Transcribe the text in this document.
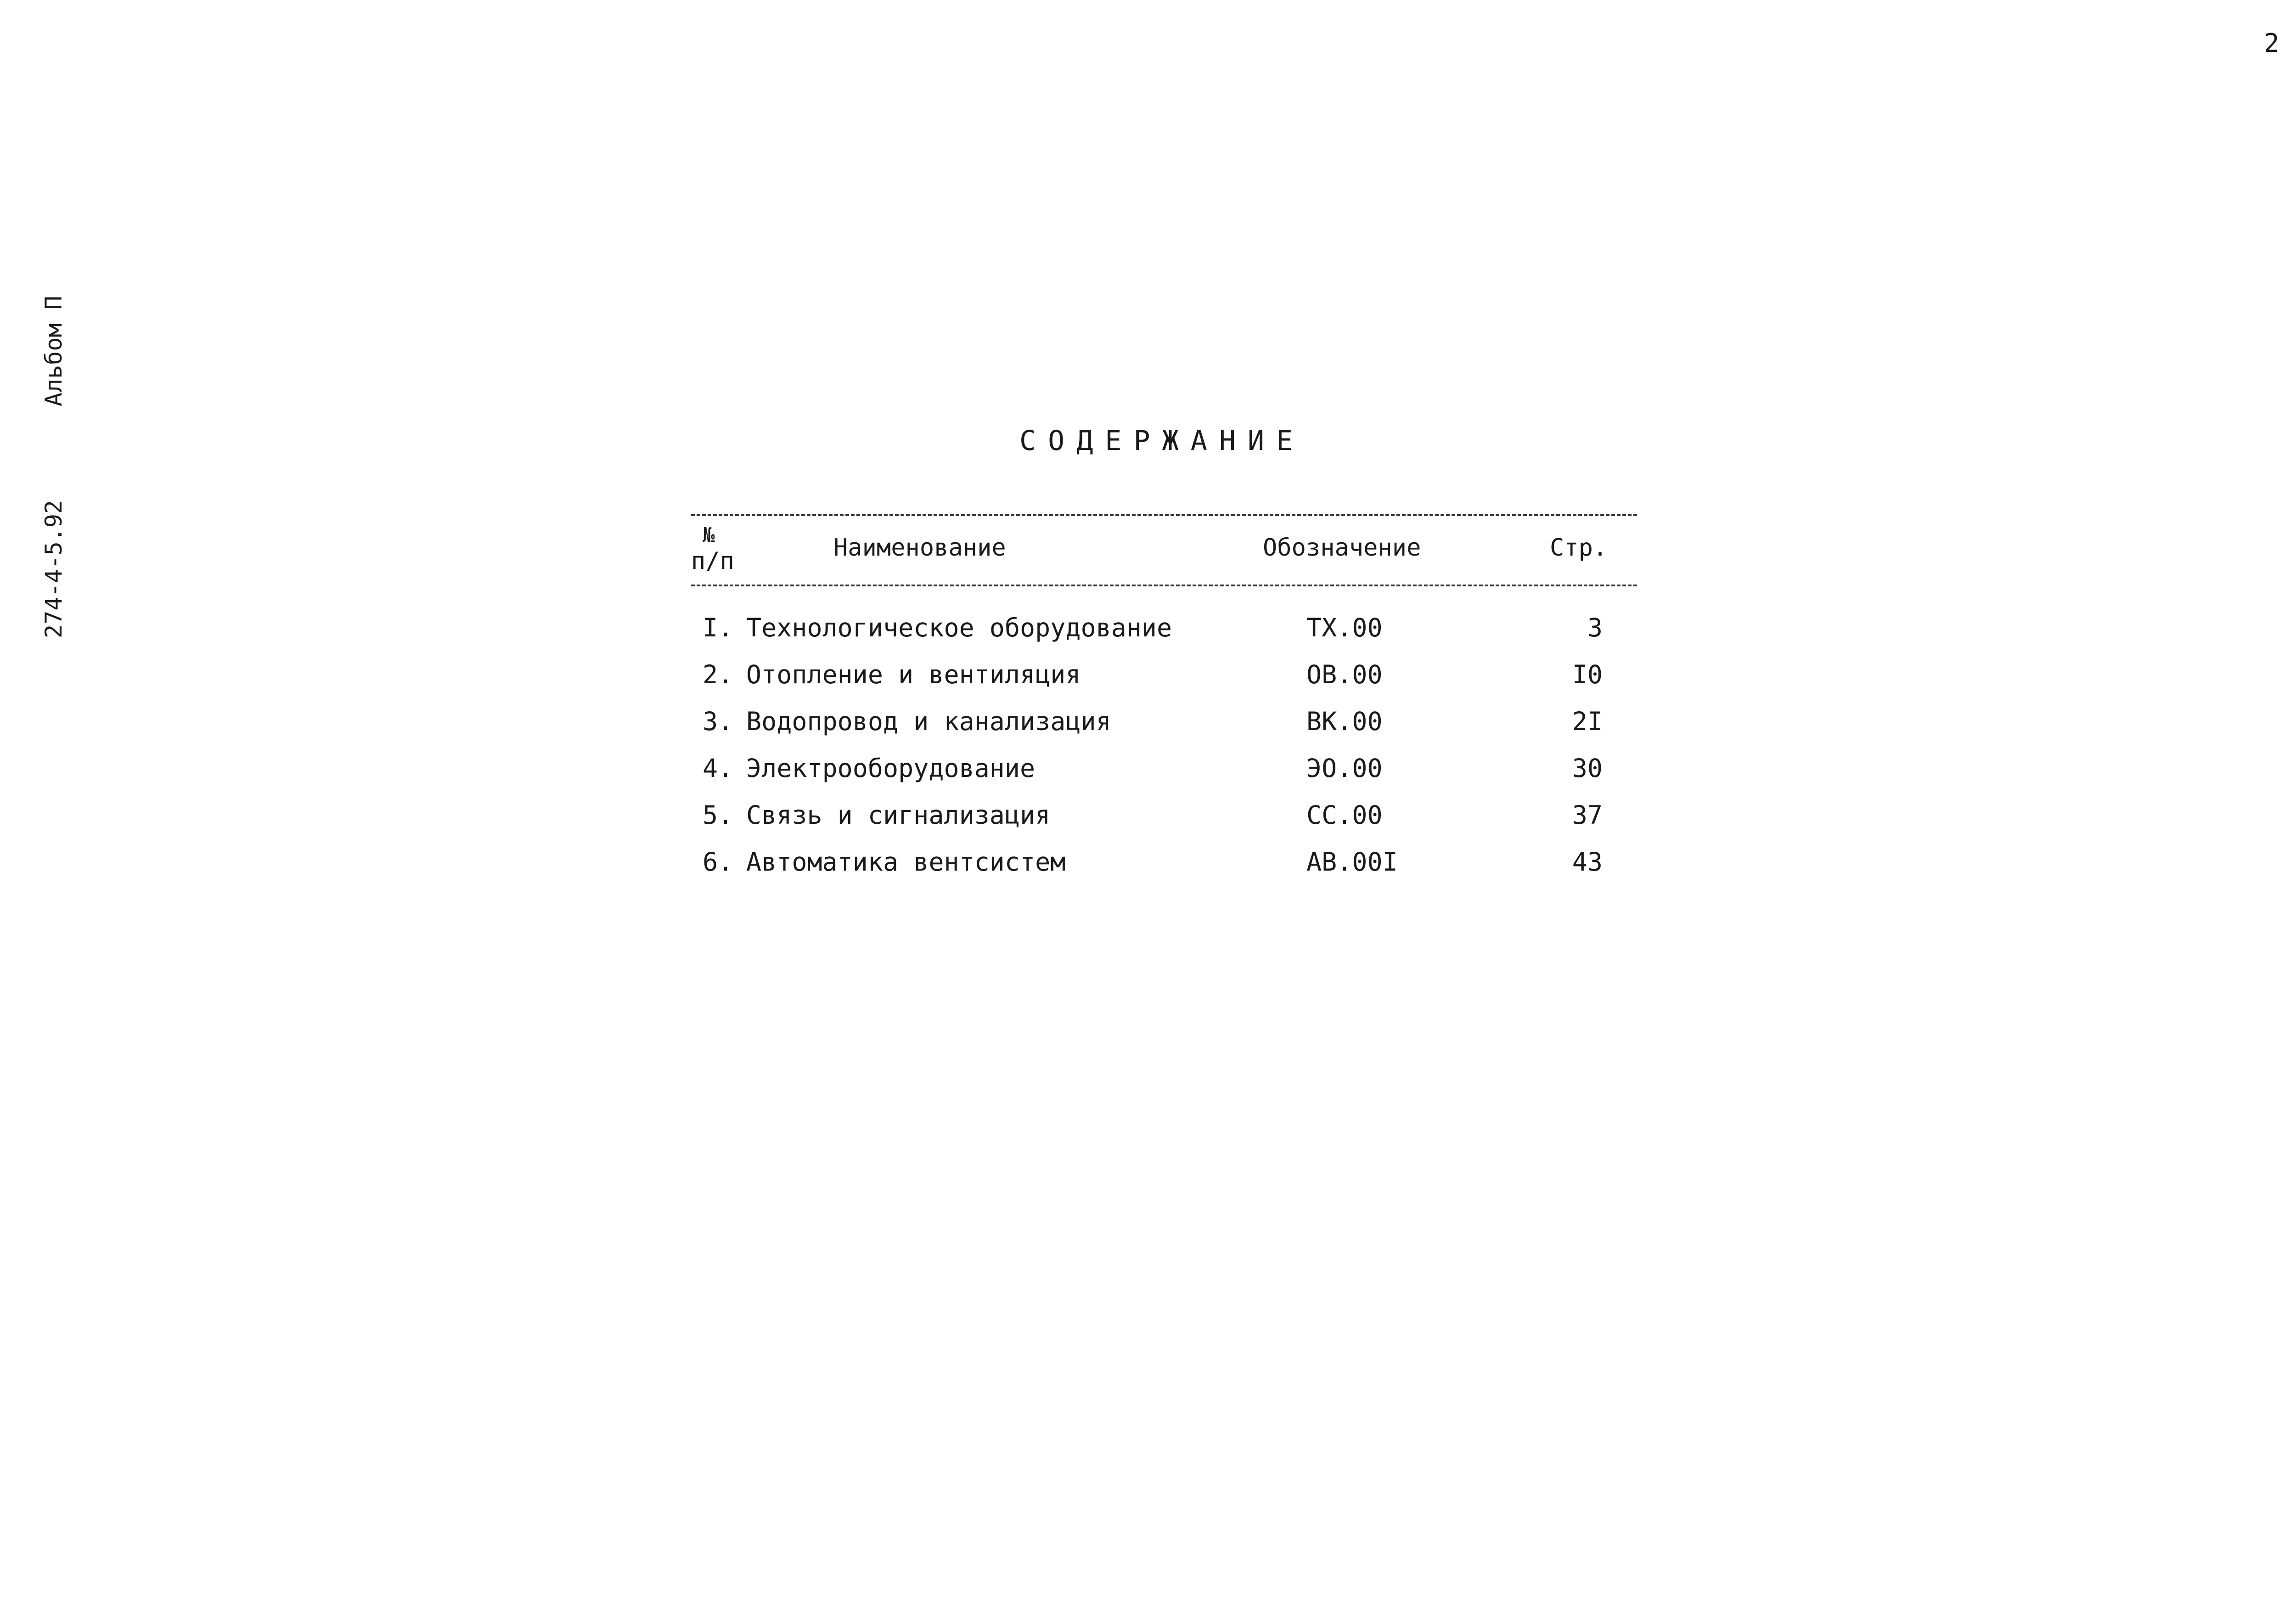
2
Альбом П
274-4-5.92
СОДЕРЖАНИЕ
№
п/п	Наименование	Обозначение	Стр.
I. Технологическое оборудование	ТХ.00	3
2. Отопление и вентиляция	ОВ.00	I0
3. Водопровод и канализация	ВК.00	2I
4. Электрооборудование	ЭО.00	30
5. Связь и сигнализация	СС.00	37
6. Автоматика вентсистем	АВ.00I	43
